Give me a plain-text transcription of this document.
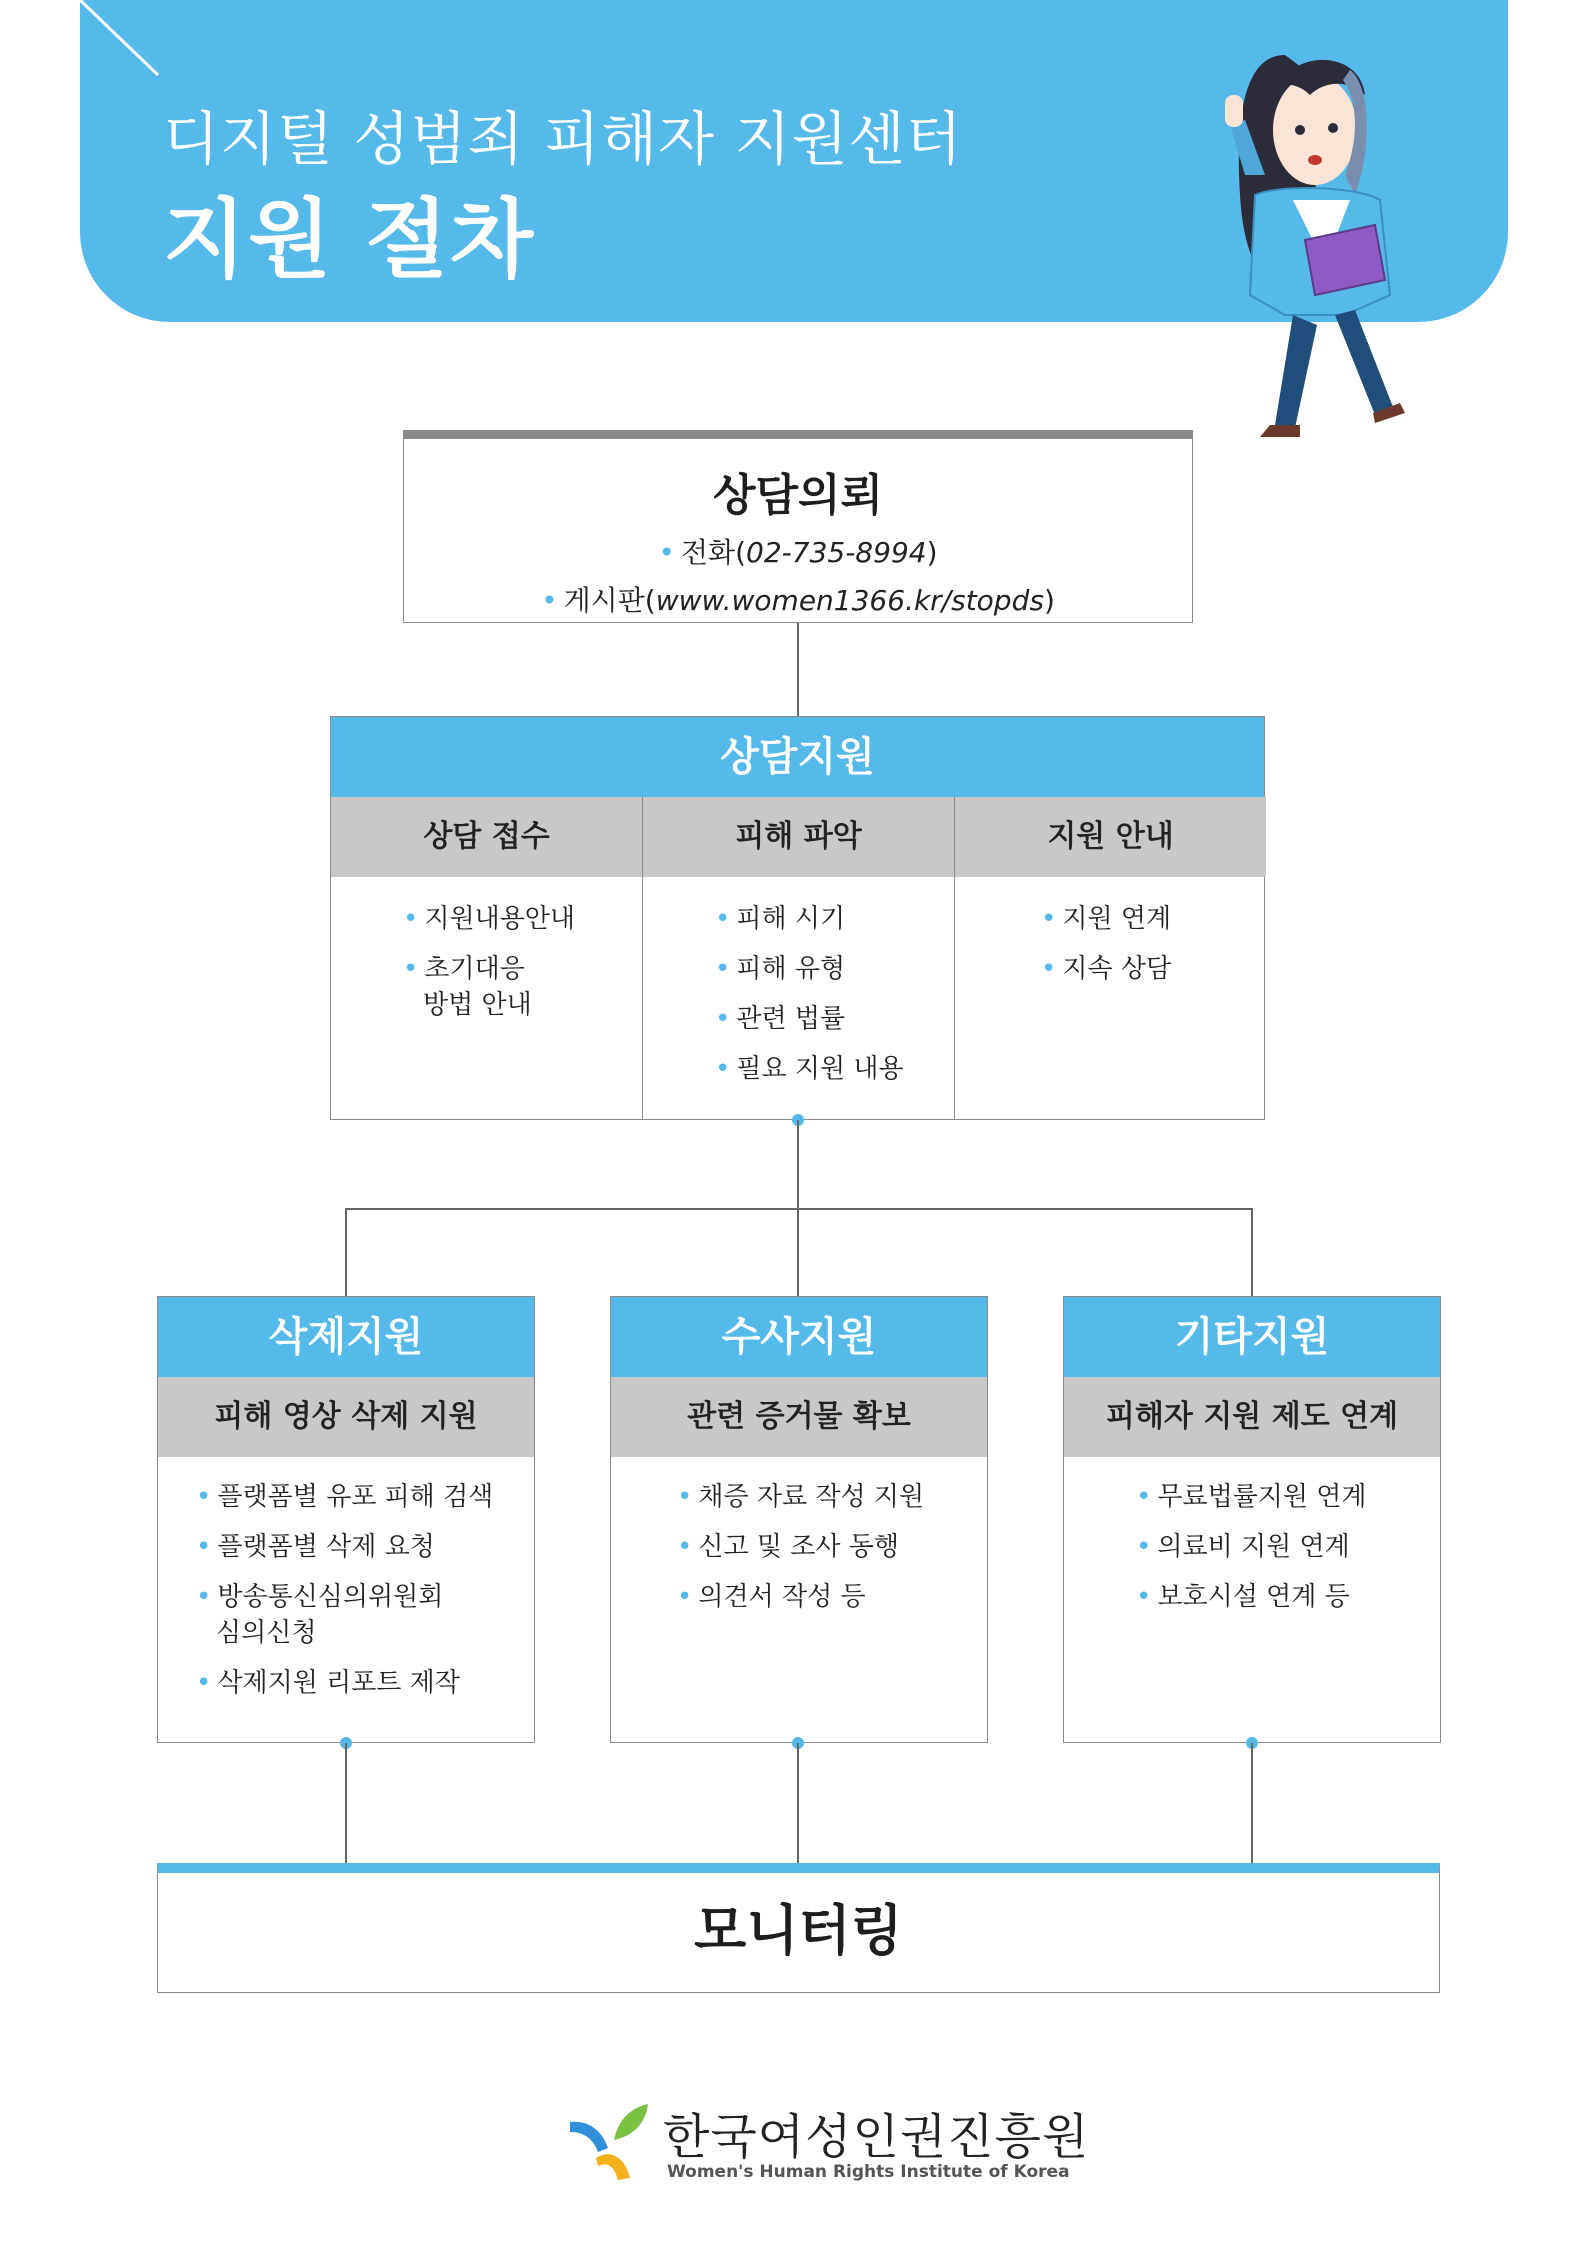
디지털 성범죄 피해자 지원센터
지원 절차
상담의뢰
• 전화(02-735-8994)
• 게시판(www.women1366.kr/stopds)
상담지원
상담 접수
• 지원내용안내
• 초기대응
방법 안내
피해 파악
• 피해 시기
• 피해 유형
• 관련 법률
• 필요 지원 내용
지원 안내
• 지원 연계
• 지속 상담
삭제지원
피해 영상 삭제 지원
• 플랫폼별 유포 피해 검색
• 플랫폼별 삭제 요청
• 방송통신심의위원회
심의신청
• 삭제지원 리포트 제작
수사지원
관련 증거물 확보
• 채증 자료 작성 지원
• 신고 및 조사 동행
• 의견서 작성 등
기타지원
피해자 지원 제도 연계
• 무료법률지원 연계
• 의료비 지원 연계
• 보호시설 연계 등
모니터링
한국여성인권진흥원
Women's Human Rights Institute of Korea
